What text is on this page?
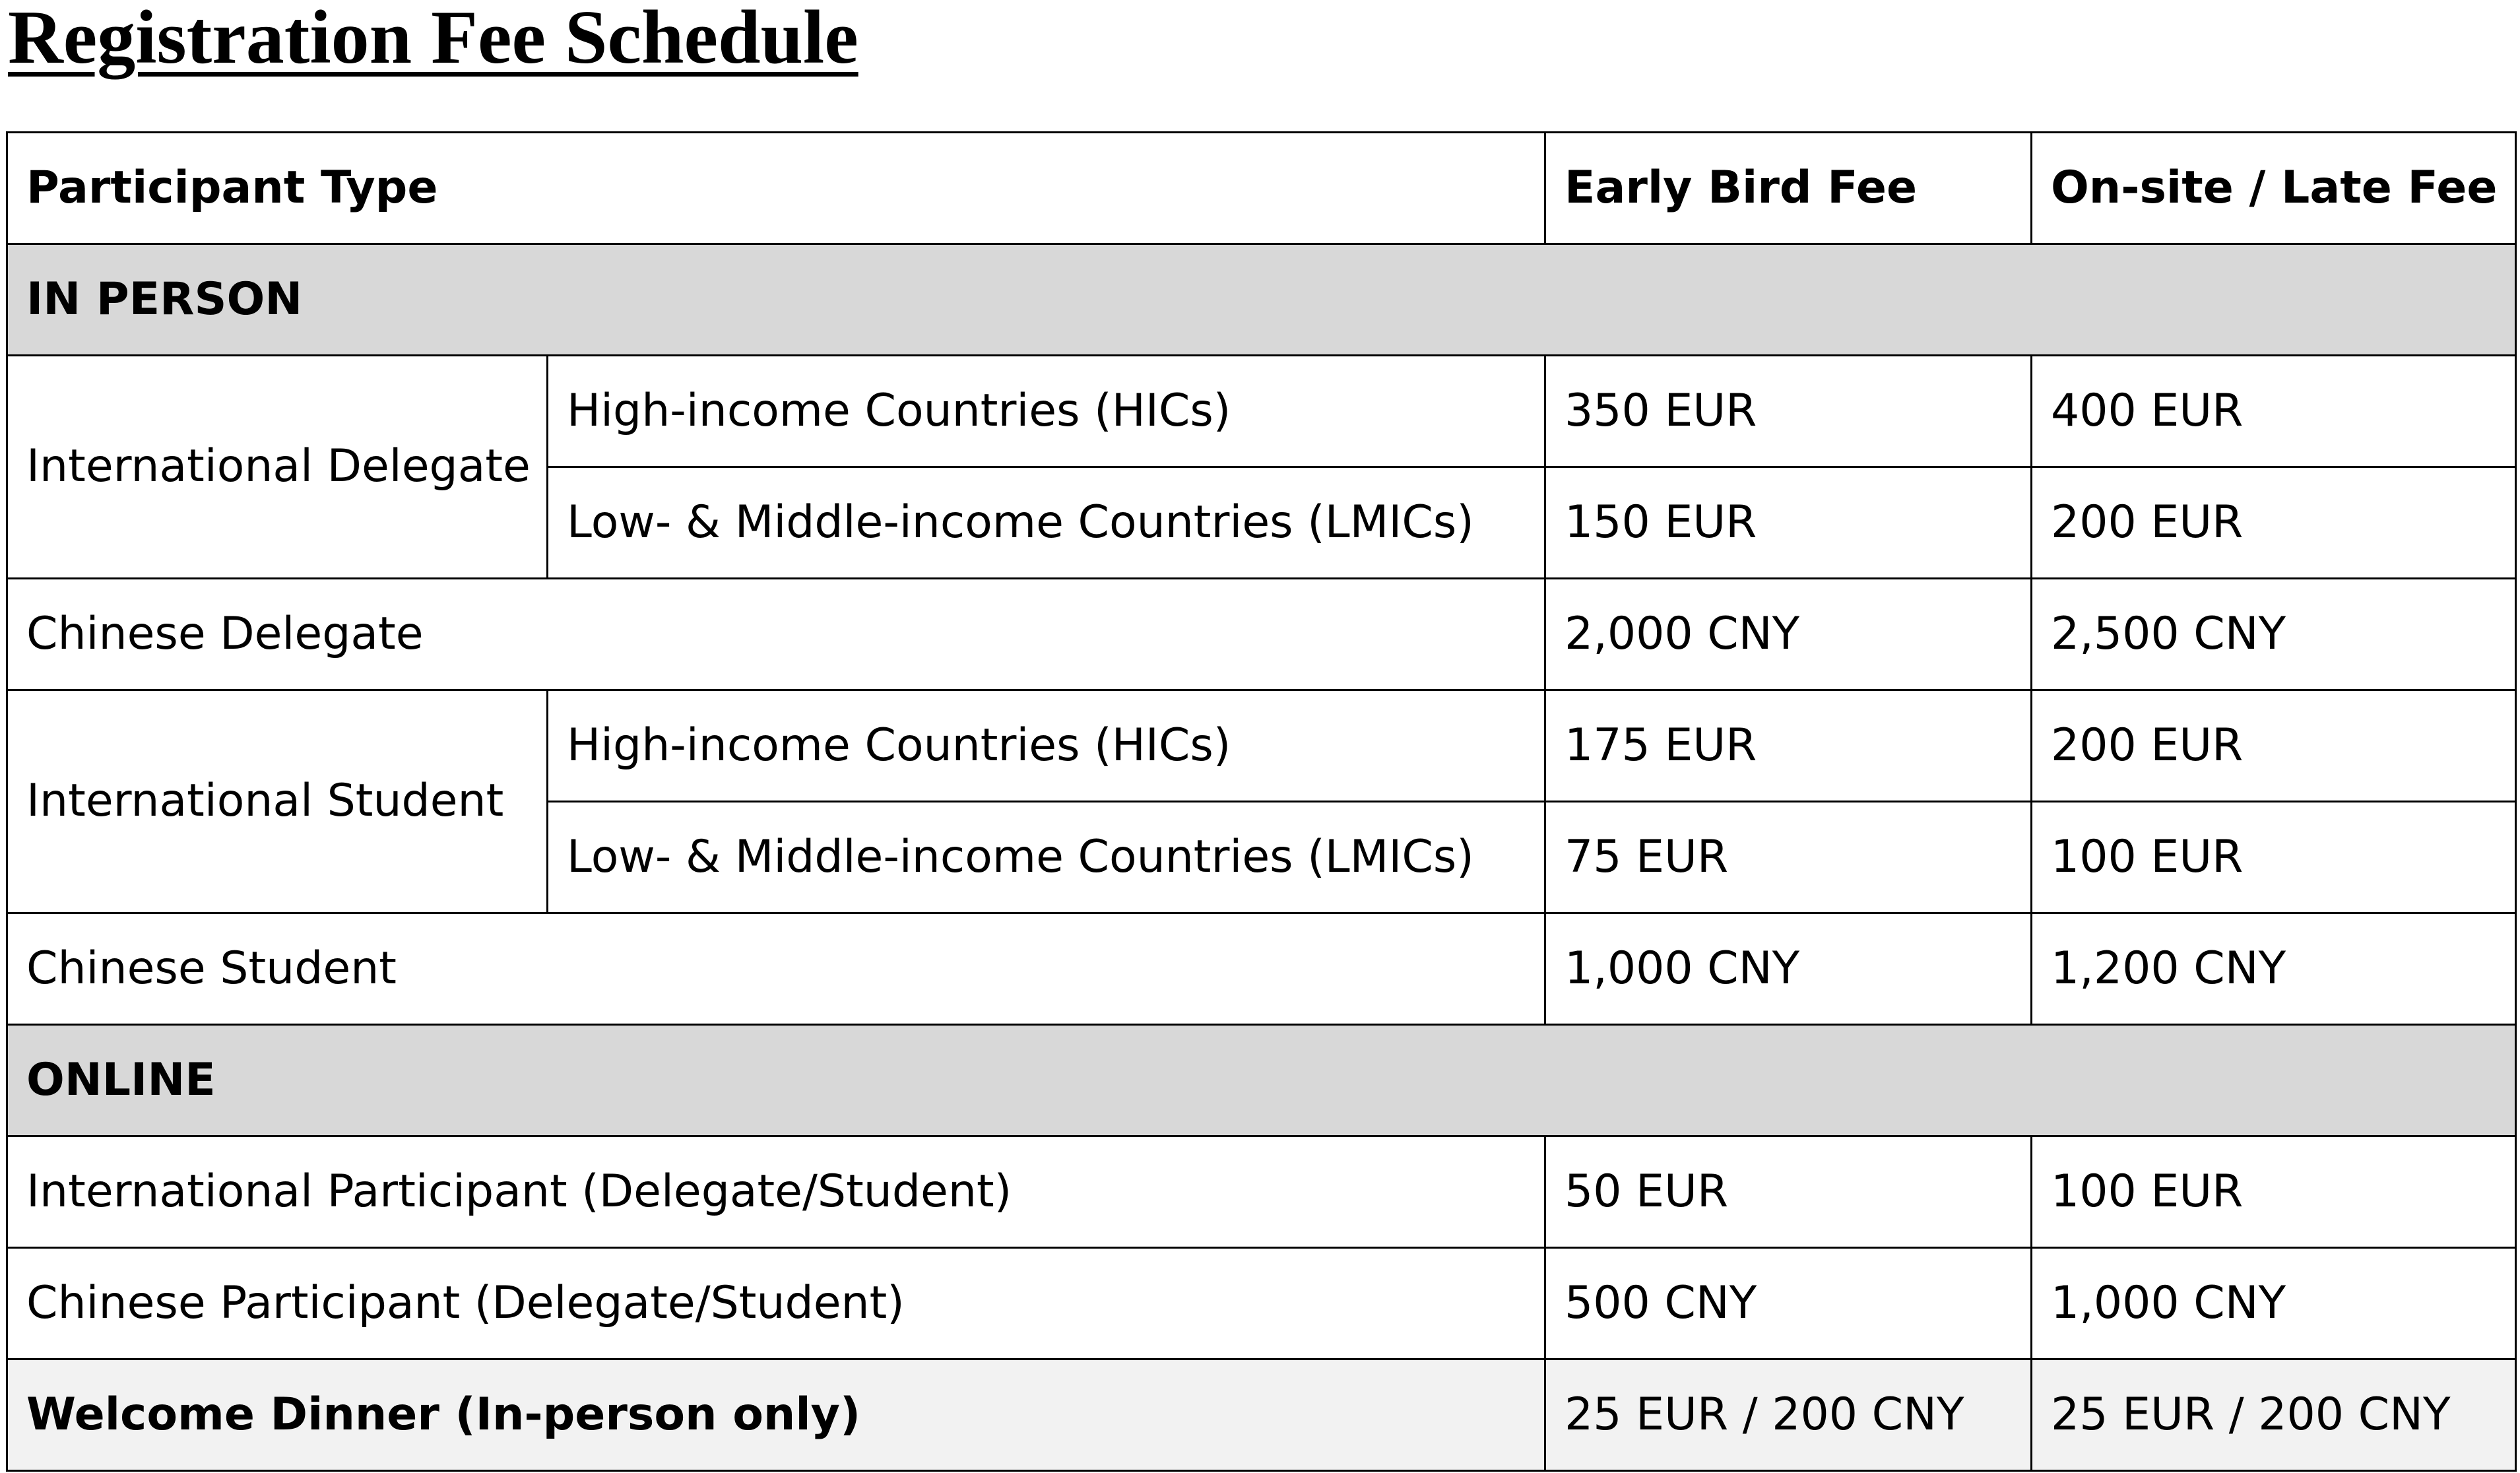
Registration Fee Schedule
Participant Type		Early Bird Fee	On-site / Late Fee
IN PERSON			
International Delegate	High-income Countries (HICs)	350 EUR	400 EUR
	Low- & Middle-income Countries (LMICs)	150 EUR	200 EUR
Chinese Delegate		2,000 CNY	2,500 CNY
International Student	High-income Countries (HICs)	175 EUR	200 EUR
	Low- & Middle-income Countries (LMICs)	75 EUR	100 EUR
Chinese Student		1,000 CNY	1,200 CNY
ONLINE			
International Participant (Delegate/Student)		50 EUR	100 EUR
Chinese Participant (Delegate/Student)		500 CNY	1,000 CNY
Welcome Dinner (In-person only)		25 EUR / 200 CNY	25 EUR / 200 CNY
